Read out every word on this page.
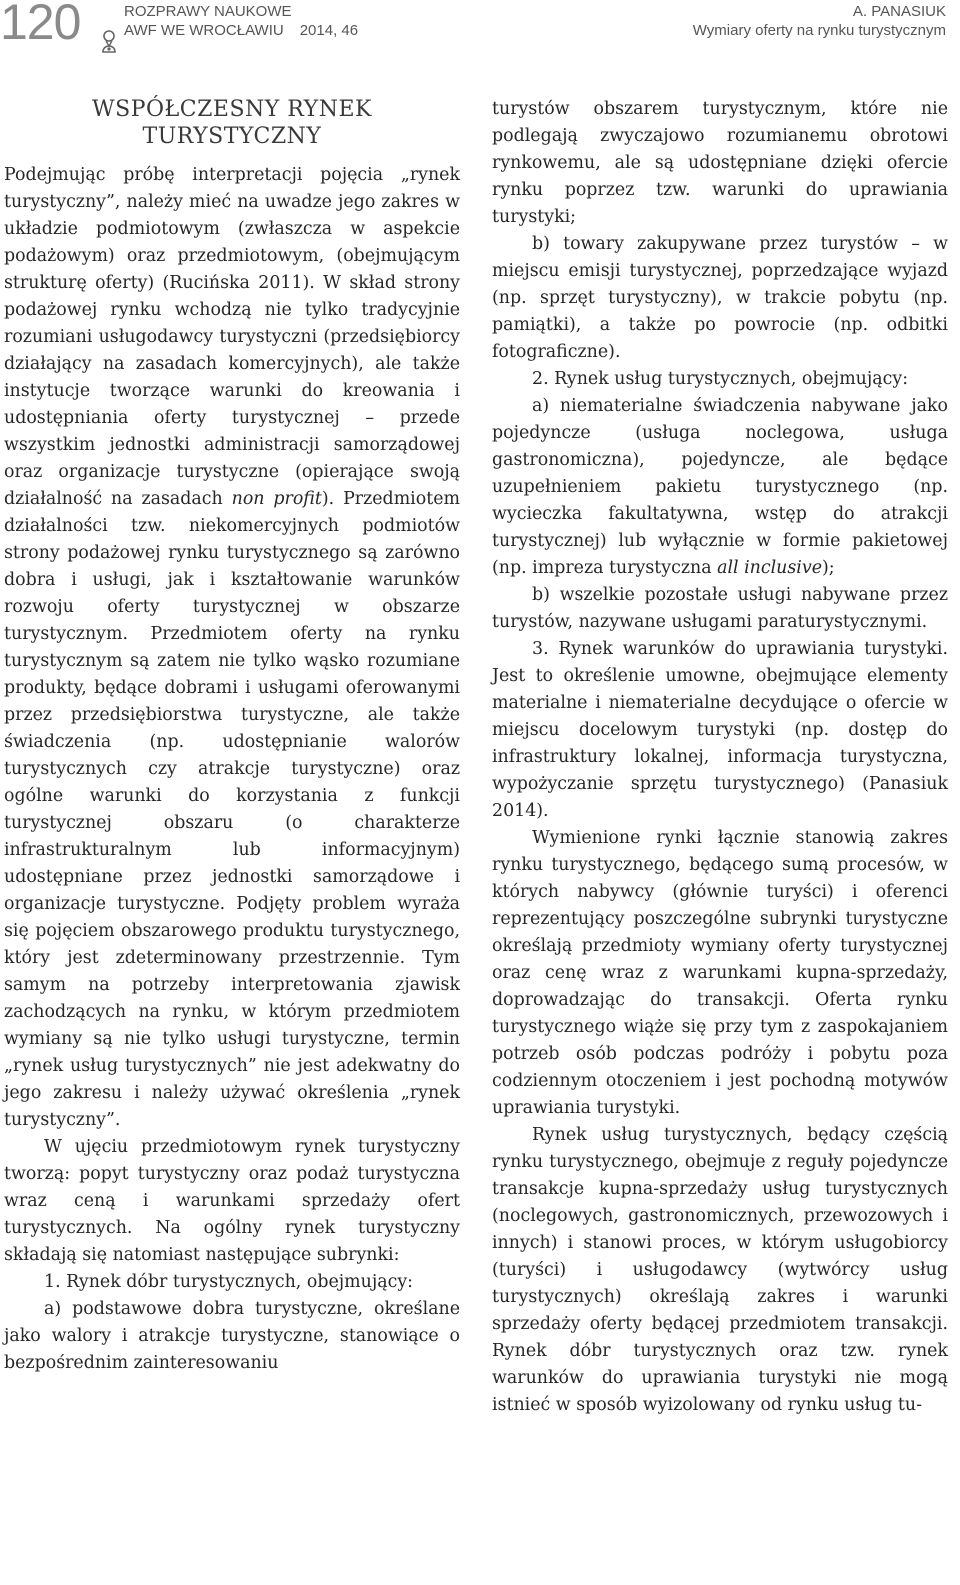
120	ROZPRAWY NAUKOWE
AWF WE WROCŁAWIU 2014, 46
A. PANASIUK
Wymiary oferty na rynku turystycznym
WSPÓŁCZESNY RYNEK TURYSTYCZNY

Podejmując próbę interpretacji pojęcia „rynek turystyczny”, należy mieć na uwadze jego zakres w układzie podmiotowym (zwłaszcza w aspekcie podażowym) oraz przedmiotowym, (obejmującym strukturę oferty) (Rucińska 2011). W skład strony podażowej rynku wchodzą nie tylko tradycyjnie rozumiani usługodawcy turystyczni (przedsiębiorcy działający na zasadach komercyjnych), ale także instytucje tworzące warunki do kreowania i udostępniania oferty turystycznej – przede wszystkim jednostki administracji samorządowej oraz organizacje turystyczne (opierające swoją działalność na zasadach non profit). Przedmiotem działalności tzw. niekomercyjnych podmiotów strony podażowej rynku turystycznego są zarówno dobra i usługi, jak i kształtowanie warunków rozwoju oferty turystycznej w obszarze turystycznym. Przedmiotem oferty na rynku turystycznym są zatem nie tylko wąsko rozumiane produkty, będące dobrami i usługami oferowanymi przez przedsiębiorstwa turystyczne, ale także świadczenia (np. udostępnianie walorów turystycznych czy atrakcje turystyczne) oraz ogólne warunki do korzystania z funkcji turystycznej obszaru (o charakterze infrastrukturalnym lub informacyjnym) udostępniane przez jednostki samorządowe i organizacje turystyczne. Podjęty problem wyraża się pojęciem obszarowego produktu turystycznego, który jest zdeterminowany przestrzennie. Tym samym na potrzeby interpretowania zjawisk zachodzących na rynku, w którym przedmiotem wymiany są nie tylko usługi turystyczne, termin „rynek usług turystycznych” nie jest adekwatny do jego zakresu i należy używać określenia „rynek turystyczny”.

W ujęciu przedmiotowym rynek turystyczny tworzą: popyt turystyczny oraz podaż turystyczna wraz ceną i warunkami sprzedaży ofert turystycznych. Na ogólny rynek turystyczny składają się natomiast następujące subrynki:

1. Rynek dóbr turystycznych, obejmujący:

a) podstawowe dobra turystyczne, określane jako walory i atrakcje turystyczne, stanowiące o bezpośrednim zainteresowaniu

turystów obszarem turystycznym, które nie podlegają zwyczajowo rozumianemu obrotowi rynkowemu, ale są udostępniane dzięki ofercie rynku poprzez tzw. warunki do uprawiania turystyki;

b) towary zakupywane przez turystów – w miejscu emisji turystycznej, poprzedzające wyjazd (np. sprzęt turystyczny), w trakcie pobytu (np. pamiątki), a także po powrocie (np. odbitki fotograficzne).

2. Rynek usług turystycznych, obejmujący:

a) niematerialne świadczenia nabywane jako pojedyncze (usługa noclegowa, usługa gastronomiczna), pojedyncze, ale będące uzupełnieniem pakietu turystycznego (np. wycieczka fakultatywna, wstęp do atrakcji turystycznej) lub wyłącznie w formie pakietowej (np. impreza turystyczna all inclusive);

b) wszelkie pozostałe usługi nabywane przez turystów, nazywane usługami paraturystycznymi.

3. Rynek warunków do uprawiania turystyki. Jest to określenie umowne, obejmujące elementy materialne i niematerialne decydujące o ofercie w miejscu docelowym turystyki (np. dostęp do infrastruktury lokalnej, informacja turystyczna, wypożyczanie sprzętu turystycznego) (Panasiuk 2014).

Wymienione rynki łącznie stanowią zakres rynku turystycznego, będącego sumą procesów, w których nabywcy (głównie turyści) i oferenci reprezentujący poszczególne subrynki turystyczne określają przedmioty wymiany oferty turystycznej oraz cenę wraz z warunkami kupna-sprzedaży, doprowadzając do transakcji. Oferta rynku turystycznego wiąże się przy tym z zaspokajaniem potrzeb osób podczas podróży i pobytu poza codziennym otoczeniem i jest pochodną motywów uprawiania turystyki.

Rynek usług turystycznych, będący częścią rynku turystycznego, obejmuje z reguły pojedyncze transakcje kupna-sprzedaży usług turystycznych (noclegowych, gastronomicznych, przewozowych i innych) i stanowi proces, w którym usługobiorcy (turyści) i usługodawcy (wytwórcy usług turystycznych) określają zakres i warunki sprzedaży oferty będącej przedmiotem transakcji. Rynek dóbr turystycznych oraz tzw. rynek warunków do uprawiania turystyki nie mogą istnieć w sposób wyizolowany od rynku usług tu-
